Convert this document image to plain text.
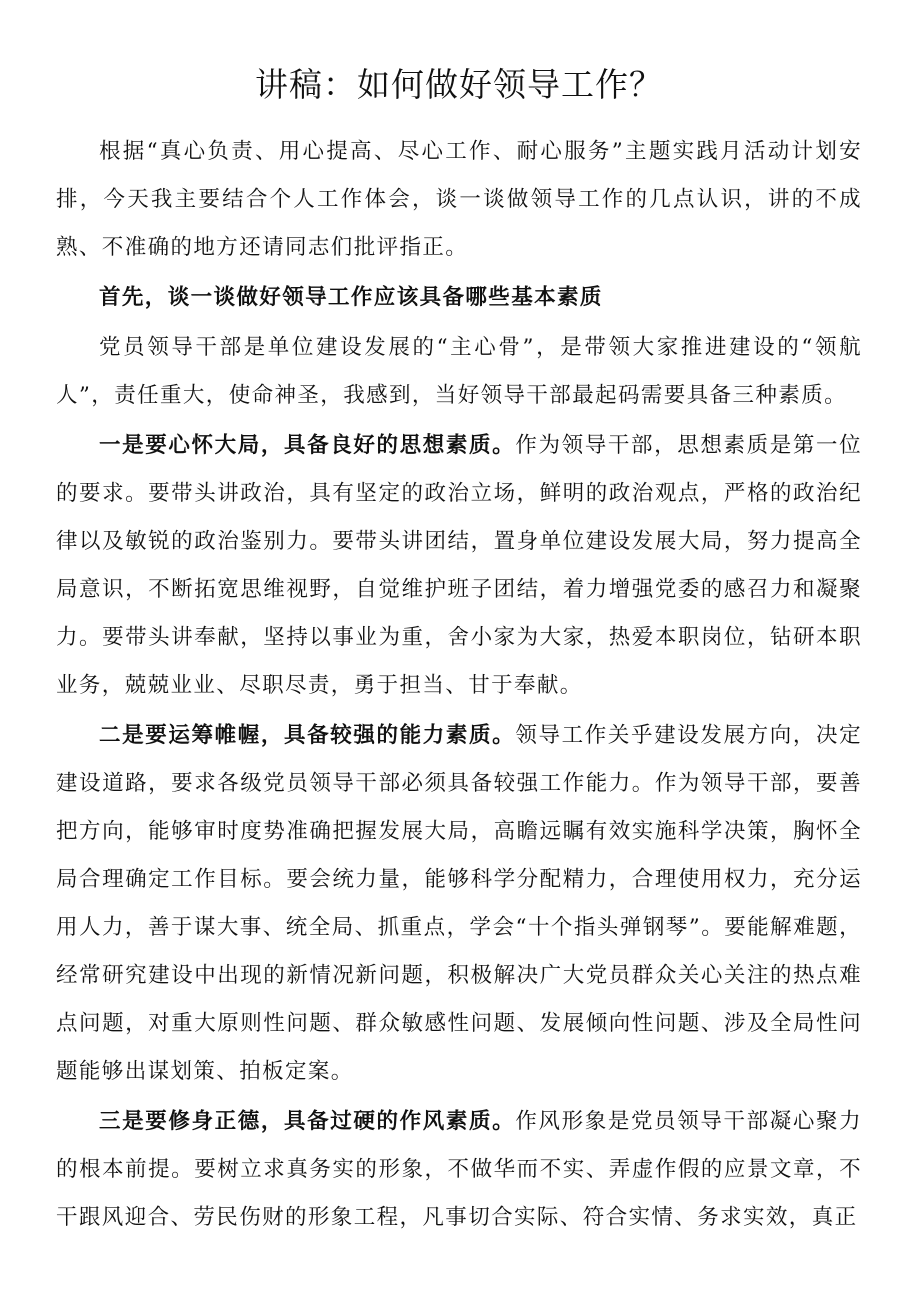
讲稿：如何做好领导工作？

根据“真心负责、用心提高、尽心工作、耐心服务”主题实践月活动计划安排，今天我主要结合个人工作体会，谈一谈做领导工作的几点认识，讲的不成熟、不准确的地方还请同志们批评指正。

首先，谈一谈做好领导工作应该具备哪些基本素质

党员领导干部是单位建设发展的“主心骨”，是带领大家推进建设的“领航人”，责任重大，使命神圣，我感到，当好领导干部最起码需要具备三种素质。

一是要心怀大局，具备良好的思想素质。作为领导干部，思想素质是第一位的要求。要带头讲政治，具有坚定的政治立场，鲜明的政治观点，严格的政治纪律以及敏锐的政治鉴别力。要带头讲团结，置身单位建设发展大局，努力提高全局意识，不断拓宽思维视野，自觉维护班子团结，着力增强党委的感召力和凝聚力。要带头讲奉献，坚持以事业为重，舍小家为大家，热爱本职岗位，钻研本职业务，兢兢业业、尽职尽责，勇于担当、甘于奉献。

二是要运筹帷幄，具备较强的能力素质。领导工作关乎建设发展方向，决定建设道路，要求各级党员领导干部必须具备较强工作能力。作为领导干部，要善把方向，能够审时度势准确把握发展大局，高瞻远瞩有效实施科学决策，胸怀全局合理确定工作目标。要会统力量，能够科学分配精力，合理使用权力，充分运用人力，善于谋大事、统全局、抓重点，学会“十个指头弹钢琴”。要能解难题，经常研究建设中出现的新情况新问题，积极解决广大党员群众关心关注的热点难点问题，对重大原则性问题、群众敏感性问题、发展倾向性问题、涉及全局性问题能够出谋划策、拍板定案。

三是要修身正德，具备过硬的作风素质。作风形象是党员领导干部凝心聚力的根本前提。要树立求真务实的形象，不做华而不实、弄虚作假的应景文章，不干跟风迎合、劳民伤财的形象工程，凡事切合实际、符合实情、务求实效，真正
